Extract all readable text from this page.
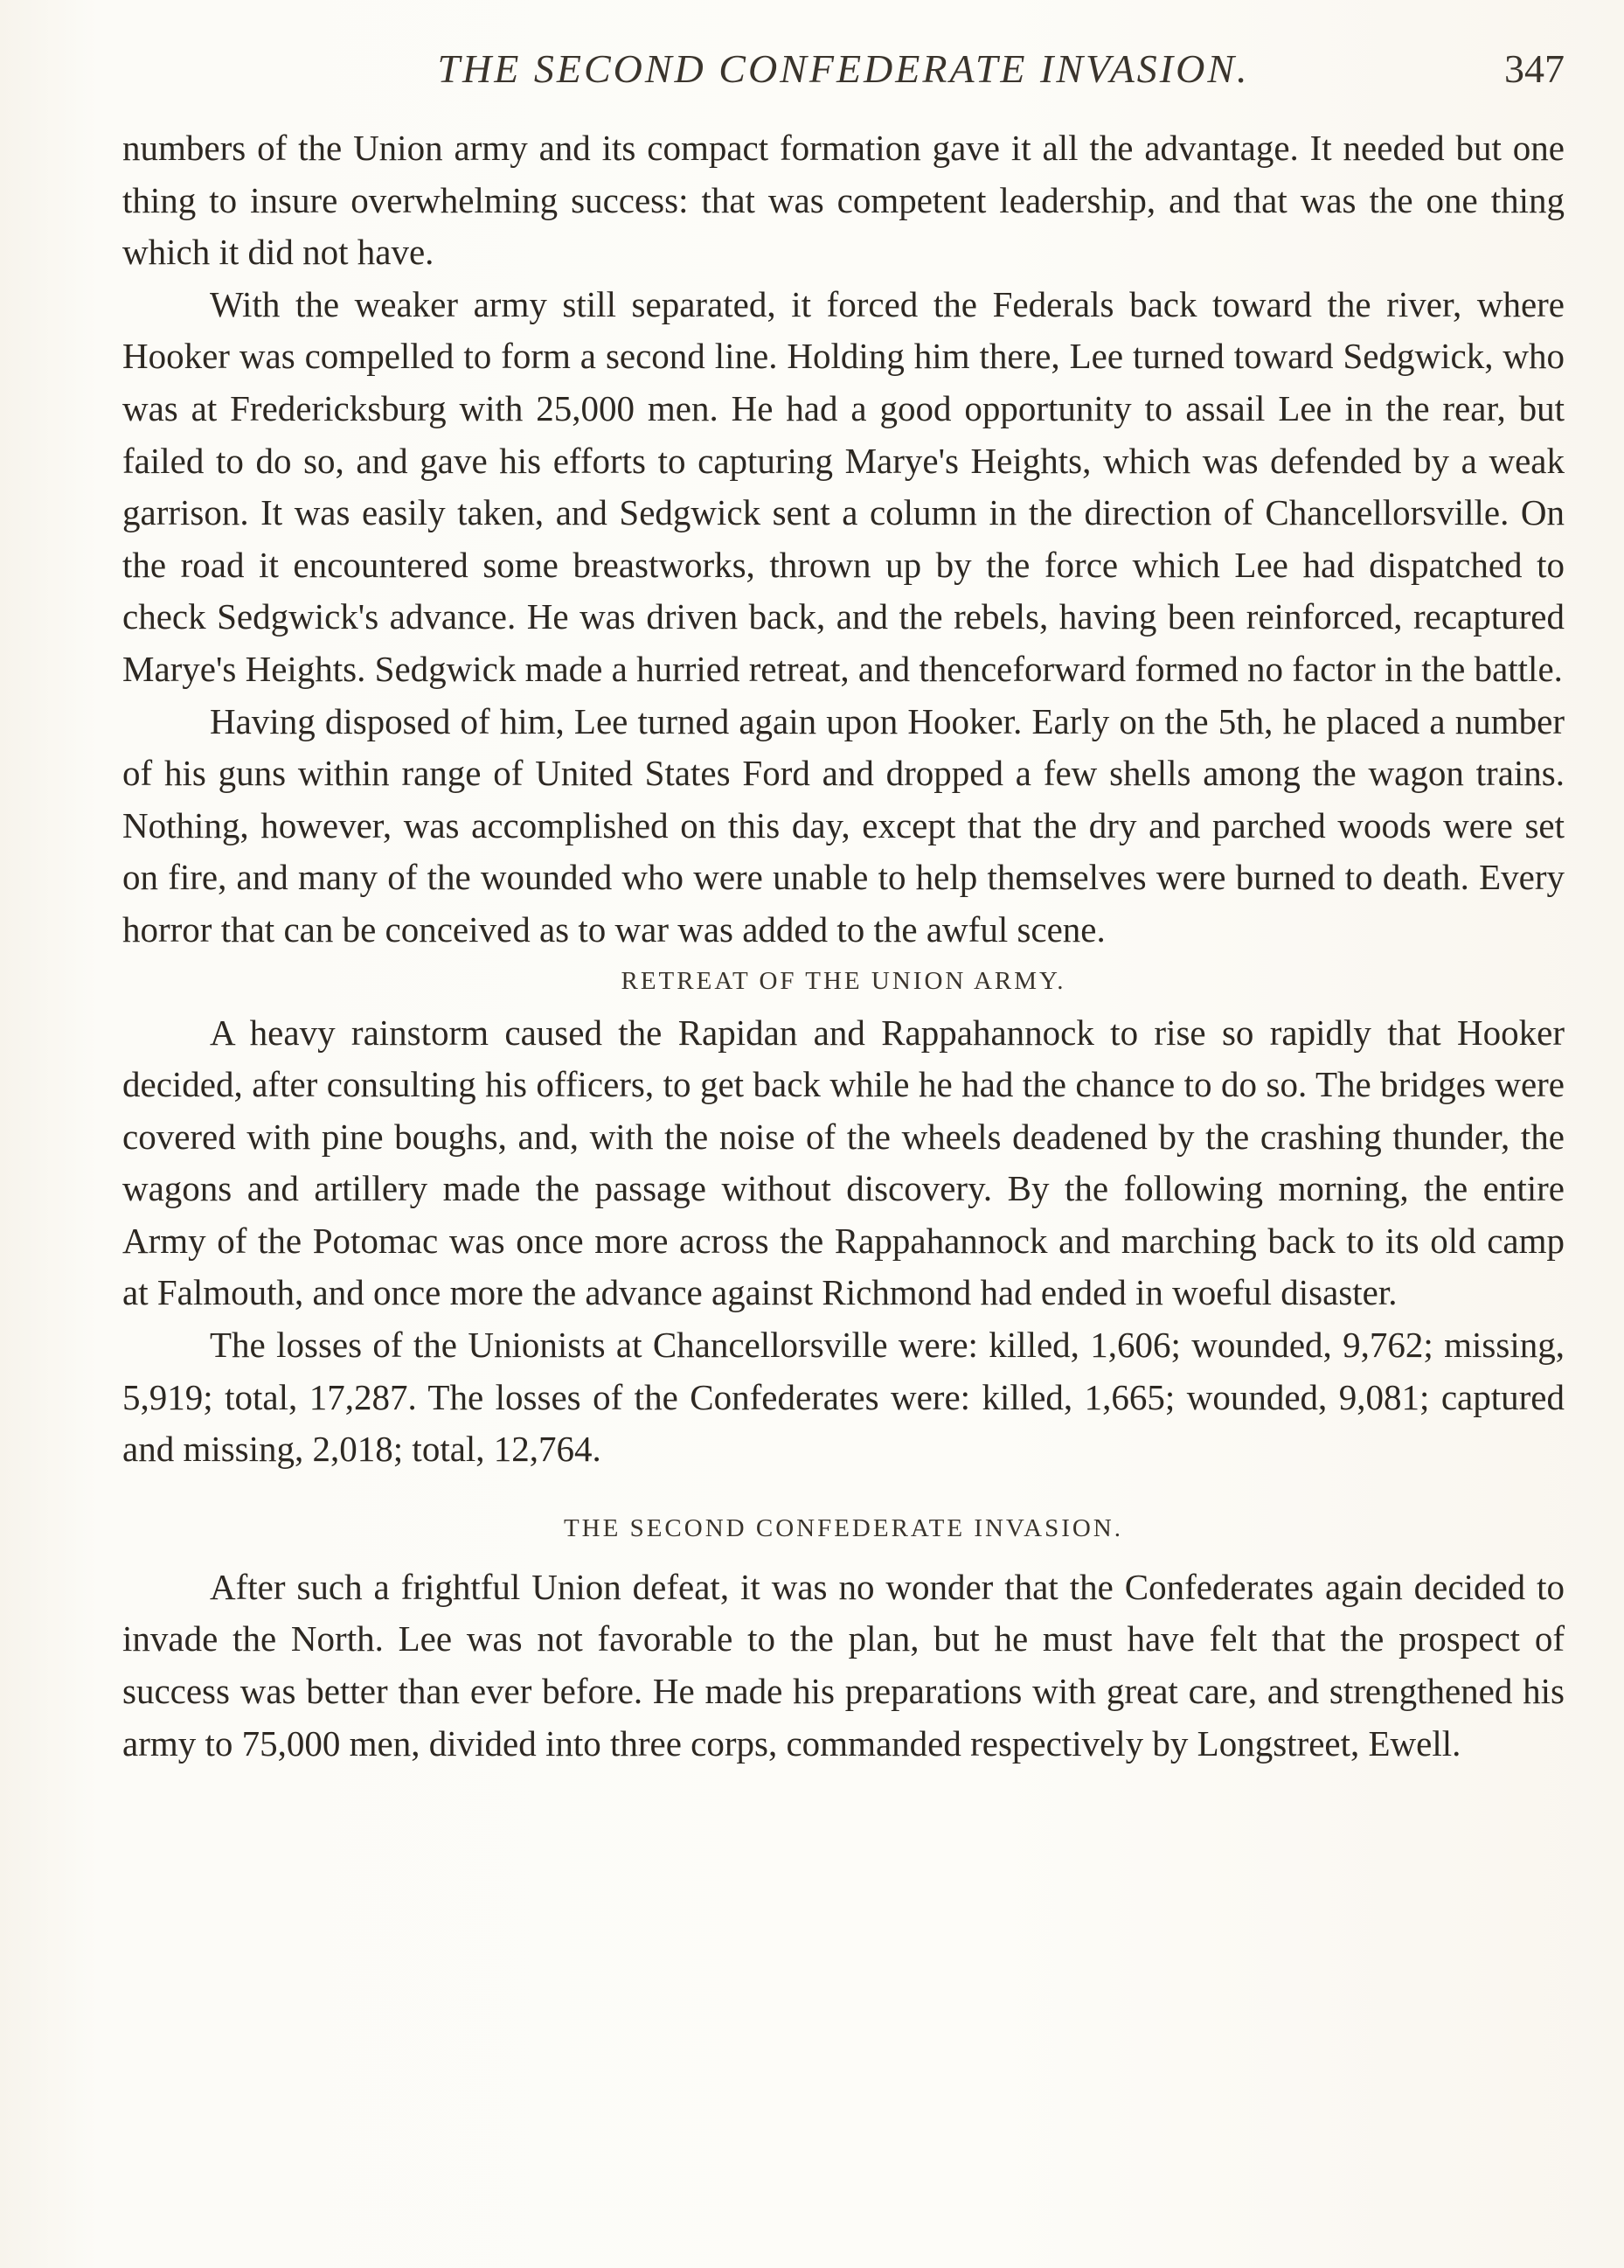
THE SECOND CONFEDERATE INVASION.	347

numbers of the Union army and its compact formation gave it all the advantage. It needed but one thing to insure overwhelming success: that was competent leadership, and that was the one thing which it did not have.

With the weaker army still separated, it forced the Federals back toward the river, where Hooker was compelled to form a second line. Holding him there, Lee turned toward Sedgwick, who was at Fredericksburg with 25,000 men. He had a good opportunity to assail Lee in the rear, but failed to do so, and gave his efforts to capturing Marye's Heights, which was defended by a weak garrison. It was easily taken, and Sedgwick sent a column in the direction of Chancellorsville. On the road it encountered some breastworks, thrown up by the force which Lee had dispatched to check Sedgwick's advance. He was driven back, and the rebels, having been reinforced, recaptured Marye's Heights. Sedgwick made a hurried retreat, and thenceforward formed no factor in the battle.

Having disposed of him, Lee turned again upon Hooker. Early on the 5th, he placed a number of his guns within range of United States Ford and dropped a few shells among the wagon trains. Nothing, however, was accomplished on this day, except that the dry and parched woods were set on fire, and many of the wounded who were unable to help themselves were burned to death. Every horror that can be conceived as to war was added to the awful scene.

RETREAT OF THE UNION ARMY.

A heavy rainstorm caused the Rapidan and Rappahannock to rise so rapidly that Hooker decided, after consulting his officers, to get back while he had the chance to do so. The bridges were covered with pine boughs, and, with the noise of the wheels deadened by the crashing thunder, the wagons and artillery made the passage without discovery. By the following morning, the entire Army of the Potomac was once more across the Rappahannock and marching back to its old camp at Falmouth, and once more the advance against Richmond had ended in woeful disaster.

The losses of the Unionists at Chancellorsville were: killed, 1,606; wounded, 9,762; missing, 5,919; total, 17,287. The losses of the Confederates were: killed, 1,665; wounded, 9,081; captured and missing, 2,018; total, 12,764.

THE SECOND CONFEDERATE INVASION.

After such a frightful Union defeat, it was no wonder that the Confederates again decided to invade the North. Lee was not favorable to the plan, but he must have felt that the prospect of success was better than ever before. He made his preparations with great care, and strengthened his army to 75,000 men, divided into three corps, commanded respectively by Longstreet, Ewell.
